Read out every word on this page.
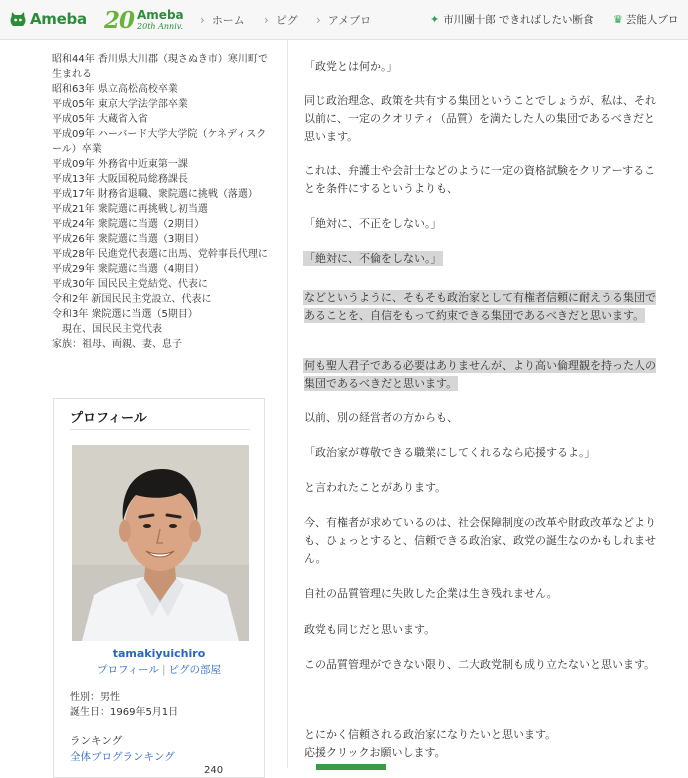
Ameba 20 Ameba
20th Anniv. › ホーム › ピグ › アメブロ	✦ 市川團十郎 できればしたい断食 ♛ 芸能人ブロ
昭和44年 香川県大川郡（現さぬき市）寒川町で生まれる
昭和63年 県立高松高校卒業
平成05年 東京大学法学部卒業
平成05年 大蔵省入省
平成09年 ハーバード大学大学院（ケネディスクール）卒業
平成09年 外務省中近東第一課
平成13年 大阪国税局総務課長
平成17年 財務省退職、衆院選に挑戦（落選）
平成21年 衆院選に再挑戦し初当選
平成24年 衆院選に当選（2期目）
平成26年 衆院選に当選（3期目）
平成28年 民進党代表選に出馬、党幹事長代理に
平成29年 衆院選に当選（4期目）
平成30年 国民民主党結党、代表に
令和2年 新国民民主党設立、代表に
令和3年 衆院選に当選（5期目）
　現在、国民民主党代表
家族：祖母、両親、妻、息子
プロフィール
tamakiyuichiro
プロフィール | ピグの部屋
性別：男性
誕生日：1969年5月1日
ランキング
全体ブログランキング
240
「政党とは何か。」
同じ政治理念、政策を共有する集団ということでしょうが、私は、それ以前に、一定のクオリティ（品質）を満たした人の集団であるべきだと思います。
これは、弁護士や会計士などのように一定の資格試験をクリアーすることを条件にするというよりも、
「絶対に、不正をしない。」
「絶対に、不倫をしない。」
などというように、そもそも政治家として有権者信頼に耐えうる集団であることを、自信をもって約束できる集団であるべきだと思います。
何も聖人君子である必要はありませんが、より高い倫理観を持った人の集団であるべきだと思います。
以前、別の経営者の方からも、
「政治家が尊敬できる職業にしてくれるなら応援するよ。」
と言われたことがあります。
今、有権者が求めているのは、社会保障制度の改革や財政改革などよりも、ひょっとすると、信頼できる政治家、政党の誕生なのかもしれません。
自社の品質管理に失敗した企業は生き残れません。
政党も同じだと思います。
この品質管理ができない限り、二大政党制も成り立たないと思います。
とにかく信頼される政治家になりたいと思います。
応援クリックお願いします。
